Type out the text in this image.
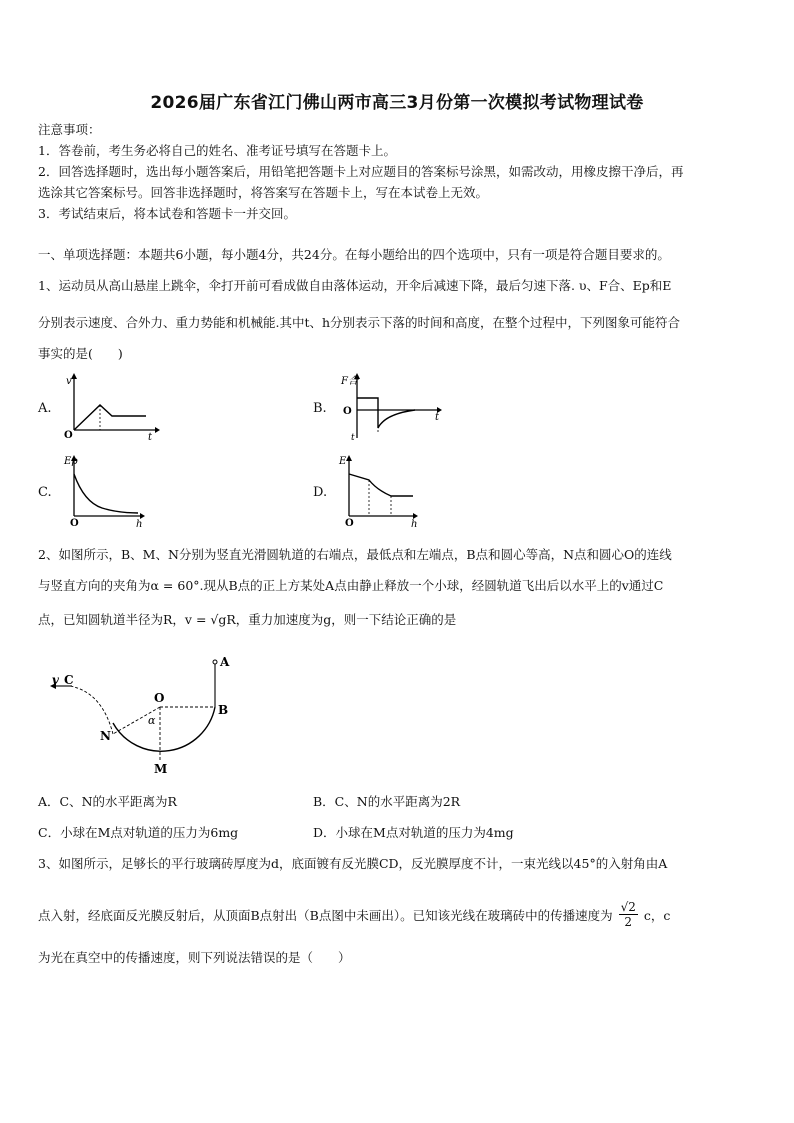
2026届广东省江门佛山两市高三3月份第一次模拟考试物理试卷
注意事项：
1．答卷前，考生务必将自己的姓名、准考证号填写在答题卡上。
2．回答选择题时，选出每小题答案后，用铅笔把答题卡上对应题目的答案标号涂黑，如需改动，用橡皮擦干净后，再
选涂其它答案标号。回答非选择题时，将答案写在答题卡上，写在本试卷上无效。
3．考试结束后，将本试卷和答题卡一并交回。
一、单项选择题：本题共6小题，每小题4分，共24分。在每小题给出的四个选项中，只有一项是符合题目要求的。
1、运动员从高山悬崖上跳伞，伞打开前可看成做自由落体运动，开伞后减速下降，最后匀速下落. υ、F合、Ep和E
分别表示速度、合外力、重力势能和机械能.其中t、h分别表示下落的时间和高度，在整个过程中，下列图象可能符合
事实的是(　　)
A.
v
t
O
B.
F合
t
O
t
C.
Ep
h
O
D.
E
h
O
2、如图所示，B、M、N分别为竖直光滑圆轨道的右端点，最低点和左端点，B点和圆心等高，N点和圆心O的连线
与竖直方向的夹角为α = 60°.现从B点的正上方某处A点由静止释放一个小球，经圆轨道飞出后以水平上的v通过C
点，已知圆轨道半径为R，v = √gR，重力加速度为g，则一下结论正确的是
v C
O
α
B
A
N
M
A．C、N的水平距离为R	B．C、N的水平距离为2R
C．小球在M点对轨道的压力为6mg	D．小球在M点对轨道的压力为4mg
3、如图所示，足够长的平行玻璃砖厚度为d，底面镀有反光膜CD，反光膜厚度不计，一束光线以45°的入射角由A
点入射，经底面反光膜反射后，从顶面B点射出（B点图中未画出）。已知该光线在玻璃砖中的传播速度为 $\frac{√2}{2}$ c，c
为光在真空中的传播速度，则下列说法错误的是（　　）
